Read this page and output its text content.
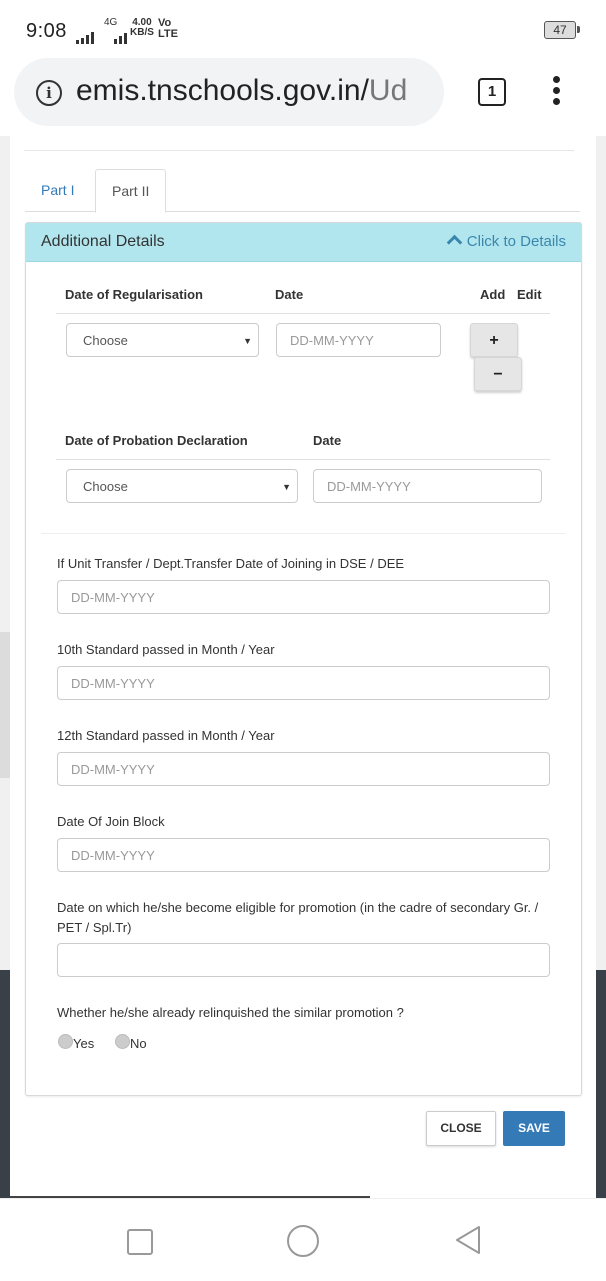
9:08	4G 4.00
KB/S
Vo
LTE	47
i emis.tnschools.gov.in/Ud	1
Part I	Part II
Additional Details	Click to Details
Date of Regularisation	Date	Add Edit
Choose	▼	DD-MM-YYYY	+
−
Date of Probation Declaration	Date
Choose	▼	DD-MM-YYYY
If Unit Transfer / Dept.Transfer Date of Joining in DSE / DEE
DD-MM-YYYY
10th Standard passed in Month / Year
DD-MM-YYYY
12th Standard passed in Month / Year
DD-MM-YYYY
Date Of Join Block
DD-MM-YYYY
Date on which he/she become eligible for promotion (in the cadre of secondary Gr. / PET / Spl.Tr)
Whether he/she already relinquished the similar promotion ?
Yes	No
CLOSE	SAVE
